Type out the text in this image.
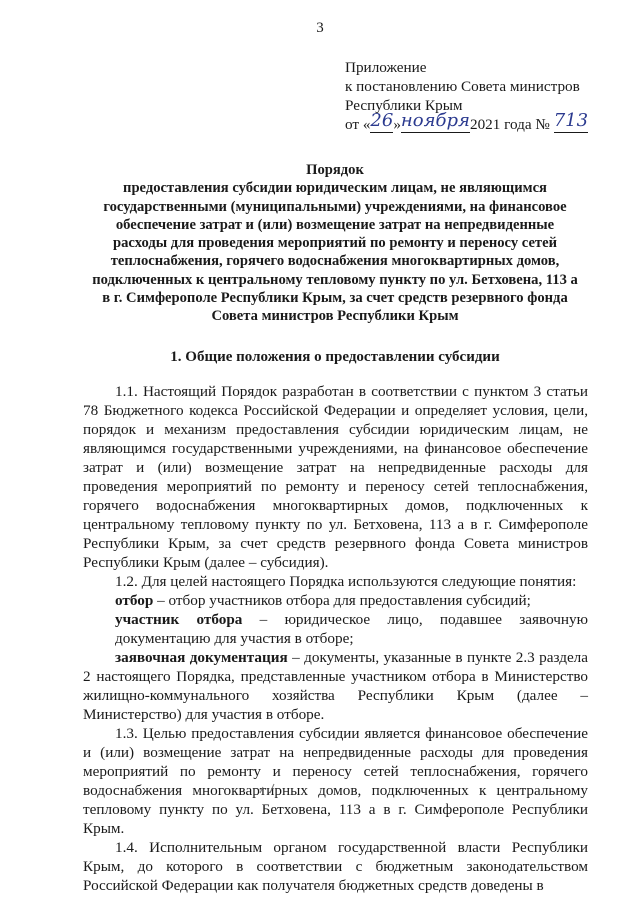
3
Приложение
к постановлению Совета министров
Республики Крым
от «26»ноября2021 года № 713
Порядок
предоставления субсидии юридическим лицам, не являющимся
государственными (муниципальными) учреждениями, на финансовое
обеспечение затрат и (или) возмещение затрат на непредвиденные
расходы для проведения мероприятий по ремонту и переносу сетей
теплоснабжения, горячего водоснабжения многоквартирных домов,
подключенных к центральному тепловому пункту по ул. Бетховена, 113 а
в г. Симферополе Республики Крым, за счет средств резервного фонда
Совета министров Республики Крым
1. Общие положения о предоставлении субсидии

1.1. Настоящий Порядок разработан в соответствии с пунктом 3 статьи 78 Бюджетного кодекса Российской Федерации и определяет условия, цели, порядок и механизм предоставления субсидии юридическим лицам, не являющимся государственными учреждениями, на финансовое обеспечение затрат и (или) возмещение затрат на непредвиденные расходы для проведения мероприятий по ремонту и переносу сетей теплоснабжения, горячего водоснабжения многоквартирных домов, подключенных к центральному тепловому пункту по ул. Бетховена, 113 а в г. Симферополе Республики Крым, за счет средств резервного фонда Совета министров Республики Крым (далее – субсидия).

1.2. Для целей настоящего Порядка используются следующие понятия:

отбор – отбор участников отбора для предоставления субсидий;

участник отбора – юридическое лицо, подавшее заявочную документацию для участия в отборе;

заявочная документация – документы, указанные в пункте 2.3 раздела 2 настоящего Порядка, представленные участником отбора в Министерство жилищно-коммунального хозяйства Республики Крым (далее – Министерство) для участия в отборе.

1.3. Целью предоставления субсидии является финансовое обеспечение и (или) возмещение затрат на непредвиденные расходы для проведения мероприятий по ремонту и переносу сетей теплоснабжения, горячего водоснабжения многоквартирных домов, подключенных к центральному тепловому пункту по ул. Бетховена, 113 а в г. Симферополе Республики Крым.

1.4. Исполнительным органом государственной власти Республики Крым, до которого в соответствии с бюджетным законодательством Российской Федерации как получателя бюджетных средств доведены в
